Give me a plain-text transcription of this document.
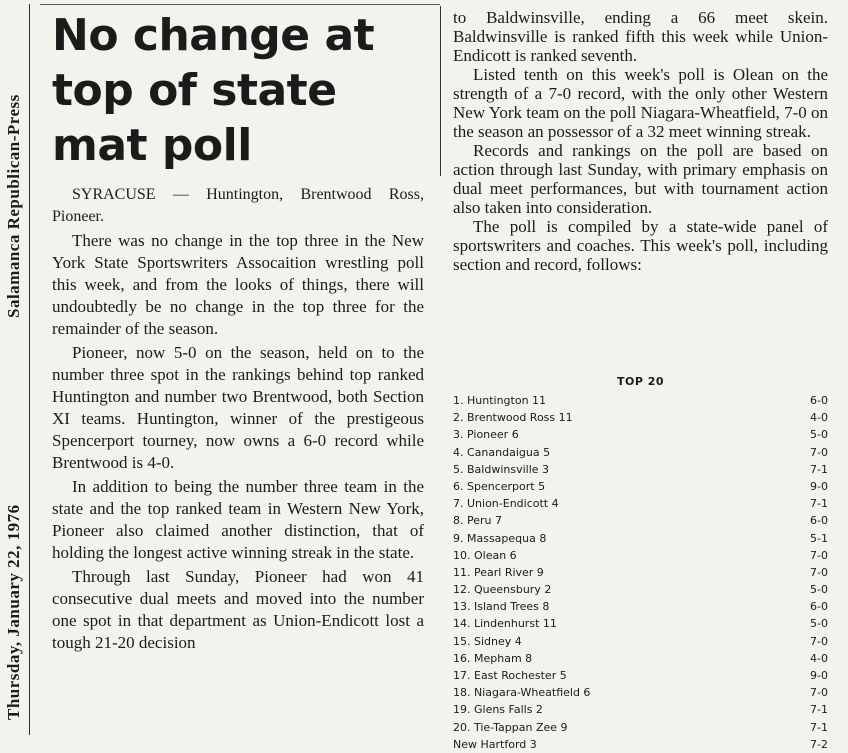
Salamanca Republican-Press
Thursday, January 22, 1976
No change at
top of state
mat poll

SYRACUSE — Huntington, Brentwood Ross, Pioneer.

There was no change in the top three in the New York State Sportswriters Assocaition wrestling poll this week, and from the looks of things, there will undoubtedly be no change in the top three for the remainder of the season.

Pioneer, now 5-0 on the season, held on to the number three spot in the rankings behind top ranked Huntington and number two Brentwood, both Section XI teams. Huntington, winner of the prestigeous Spencerport tourney, now owns a 6-0 record while Brentwood is 4-0.

In addition to being the number three team in the state and the top ranked team in Western New York, Pioneer also claimed another distinction, that of holding the longest active winning streak in the state.

Through last Sunday, Pioneer had won 41 consecutive dual meets and moved into the number one spot in that department as Union-Endicott lost a tough 21-20 decision

to Baldwinsville, ending a 66 meet skein. Baldwinsville is ranked fifth this week while Union-Endicott is ranked seventh.

Listed tenth on this week's poll is Olean on the strength of a 7-0 record, with the only other Western New York team on the poll Niagara-Wheatfield, 7-0 on the season an possessor of a 32 meet winning streak.

Records and rankings on the poll are based on action through last Sunday, with primary emphasis on dual meet performances, but with tournament action also taken into consideration.

The poll is compiled by a state-wide panel of sportswriters and coaches. This week's poll, including section and record, follows:

TOP 20
1. Huntington 11	6-0
2. Brentwood Ross 11	4-0
3. Pioneer 6	5-0
4. Canandaigua 5	7-0
5. Baldwinsville 3	7-1
6. Spencerport 5	9-0
7. Union-Endicott 4	7-1
8. Peru 7	6-0
9. Massapequa 8	5-1
10. Olean 6	7-0
11. Pearl River 9	7-0
12. Queensbury 2	5-0
13. Island Trees 8	6-0
14. Lindenhurst 11	5-0
15. Sidney 4	7-0
16. Mepham 8	4-0
17. East Rochester 5	9-0
18. Niagara-Wheatfield 6	7-0
19. Glens Falls 2	7-1
20. Tie-Tappan Zee 9	7-1
New Hartford 3	7-2
